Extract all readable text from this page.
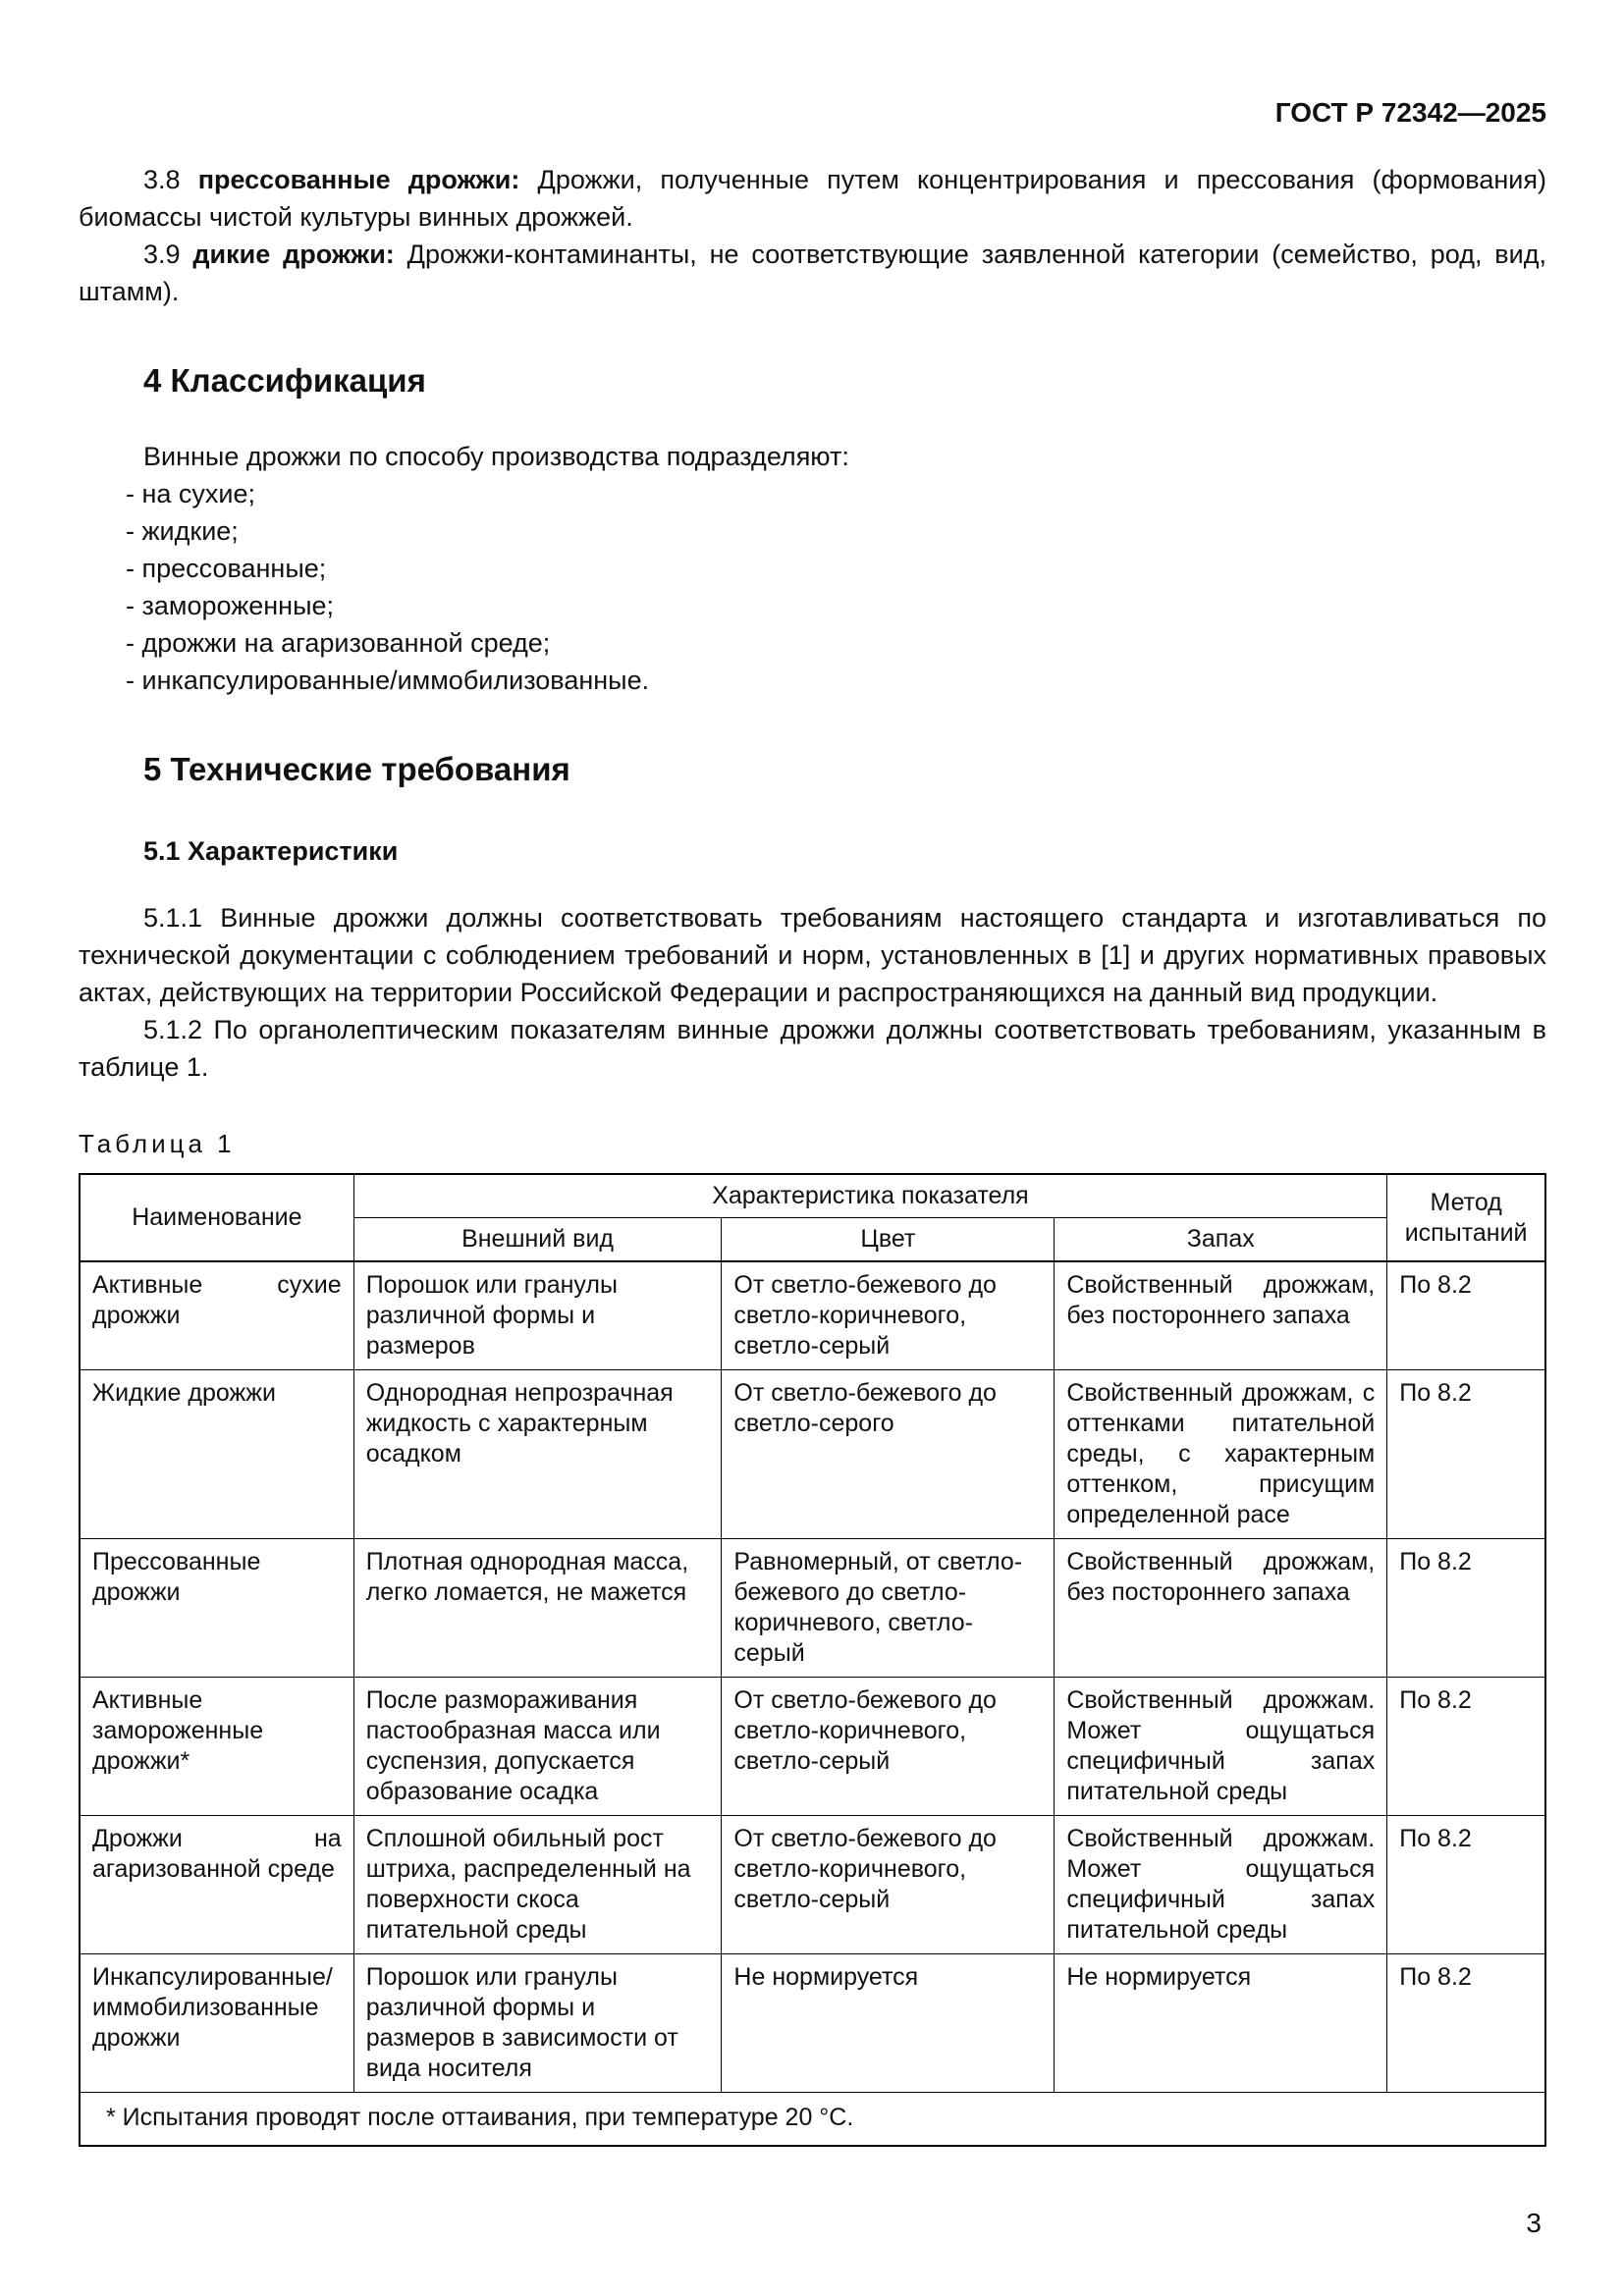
ГОСТ Р 72342—2025

3.8 прессованные дрожжи: Дрожжи, полученные путем концентрирования и прессования (формования) биомассы чистой культуры винных дрожжей.

3.9 дикие дрожжи: Дрожжи-контаминанты, не соответствующие заявленной категории (семейство, род, вид, штамм).

4 Классификация

Винные дрожжи по способу производства подразделяют:

- на сухие;
- жидкие;
- прессованные;
- замороженные;
- дрожжи на агаризованной среде;
- инкапсулированные/иммобилизованные.
5 Технические требования
5.1 Характеристики

5.1.1 Винные дрожжи должны соответствовать требованиям настоящего стандарта и изготавливаться по технической документации с соблюдением требований и норм, установленных в [1] и других нормативных правовых актах, действующих на территории Российской Федерации и распространяющихся на данный вид продукции.

5.1.2 По органолептическим показателям винные дрожжи должны соответствовать требованиям, указанным в таблице 1.

Таблица 1
Наименование	Характеристика показателя			Метод испытаний
	Внешний вид	Цвет	Запах	
Активные сухие дрожжи	Порошок или гранулы различной формы и размеров	От светло-бежевого до светло-коричневого, светло-серый	Свойственный дрожжам, без постороннего запаха	По 8.2
Жидкие дрожжи	Однородная непрозрачная жидкость с характерным осадком	От светло-бежевого до светло-серого	Свойственный дрожжам, с оттенками питательной среды, с характерным оттенком, присущим определенной расе	По 8.2
Прессованные дрожжи	Плотная однородная масса, легко ломается, не мажется	Равномерный, от светло-бежевого до светло-коричневого, светло-серый	Свойственный дрожжам, без постороннего запаха	По 8.2
Активные замороженные дрожжи*	После размораживания пастообразная масса или суспензия, допускается образование осадка	От светло-бежевого до светло-коричневого, светло-серый	Свойственный дрожжам. Может ощущаться специфичный запах питательной среды	По 8.2
Дрожжи на агаризованной среде	Сплошной обильный рост штриха, распределенный на поверхности скоса питательной среды	От светло-бежевого до светло-коричневого, светло-серый	Свойственный дрожжам. Может ощущаться специфичный запах питательной среды	По 8.2
Инкапсулированные/иммобилизованные дрожжи	Порошок или гранулы различной формы и размеров в зависимости от вида носителя	Не нормируется	Не нормируется	По 8.2
* Испытания проводят после оттаивания, при температуре 20 °С.				
3
